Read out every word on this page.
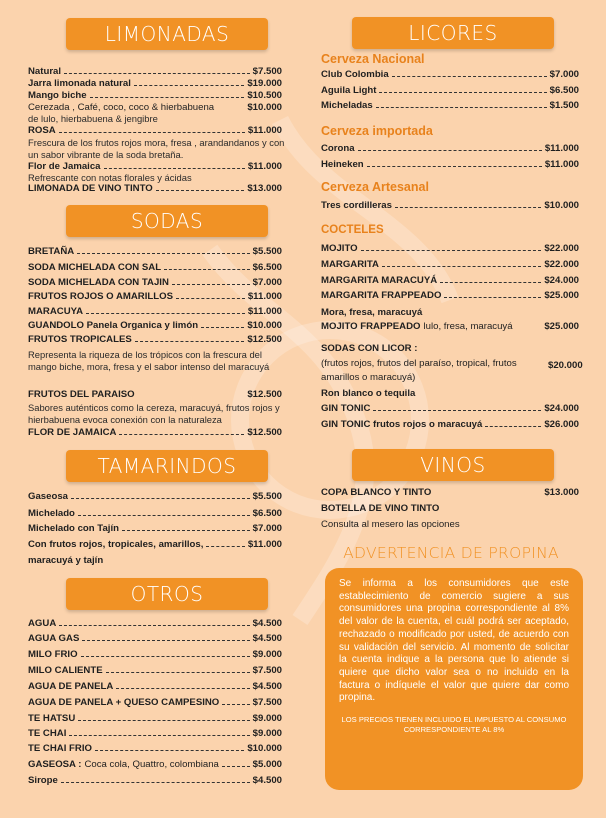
LIMONADAS
Natural	$7.500
Jarra limonada natural	$19.000
Mango biche	$10.500
Cerezada , Café, coco, coco & hierbabuena	$10.000
de lulo, hierbabuena & jengibre
ROSA	$11.000
Frescura de los frutos rojos mora, fresa , arandandanos y con un sabor vibrante de la soda bretaña.
Flor de Jamaica	$11.000
Refrescante con notas florales y ácidas
LIMONADA DE VINO TINTO	$13.000
SODAS
BRETAÑA	$5.500
SODA MICHELADA CON SAL	$6.500
SODA MICHELADA CON TAJIN	$7.000
FRUTOS ROJOS O AMARILLOS	$11.000
MARACUYA	$11.000
GUANDOLO Panela Organica y limón	$10.000
FRUTOS TROPICALES	$12.500
Representa la riqueza de los trópicos con la frescura del mango biche, mora, fresa y el sabor intenso del maracuyá
FRUTOS DEL PARAISO	$12.500
Sabores auténticos como la cereza, maracuyá, frutos rojos y hierbabuena evoca conexión con la naturaleza
FLOR DE JAMAICA	$12.500
TAMARINDOS
Gaseosa	$5.500
Michelado	$6.500
Michelado con Tajín	$7.000
Con frutos rojos, tropicales, amarillos,	$11.000
maracuyá y tajín
OTROS
AGUA	$4.500
AGUA GAS	$4.500
MILO FRIO	$9.000
MILO CALIENTE	$7.500
AGUA DE PANELA	$4.500
AGUA DE PANELA + QUESO CAMPESINO	$7.500
TE HATSU	$9.000
TE CHAI	$9.000
TE CHAI FRIO	$10.000
GASEOSA : Coca cola, Quattro, colombiana	$5.000
Sirope	$4.500
LICORES
Cerveza Nacional
Club Colombia	$7.000
Aguila Light	$6.500
Micheladas	$1.500
Cerveza importada
Corona	$11.000
Heineken	$11.000
Cerveza Artesanal
Tres cordilleras	$10.000
COCTELES
MOJITO	$22.000
MARGARITA	$22.000
MARGARITA MARACUYÁ	$24.000
MARGARITA FRAPPEADO	$25.000
Mora, fresa, maracuyá
MOJITO FRAPPEADO lulo, fresa, maracuyá	$25.000
SODAS CON LICOR :
(frutos rojos, frutos del paraíso, tropical, frutos
amarillos o maracuyá)
$20.000
Ron blanco o tequila
GIN TONIC	$24.000
GIN TONIC frutos rojos o maracuyá	$26.000
VINOS
COPA BLANCO Y TINTO	$13.000
BOTELLA DE VINO TINTO
Consulta al mesero las opciones
ADVERTENCIA DE PROPINA
Se informa a los consumidores que este establecimiento de comercio sugiere a sus consumidores una propina correspondiente al 8% del valor de la cuenta, el cuál podrá ser aceptado, rechazado o modificado por usted, de acuerdo con su validación del servicio. Al momento de solicitar la cuenta indique a la persona que lo atiende si quiere que dicho valor sea o no incluido en la factura o indíquele el valor que quiere dar como propina.
LOS PRECIOS TIENEN INCLUIDO EL IMPUESTO AL CONSUMO CORRESPONDIENTE AL 8%
